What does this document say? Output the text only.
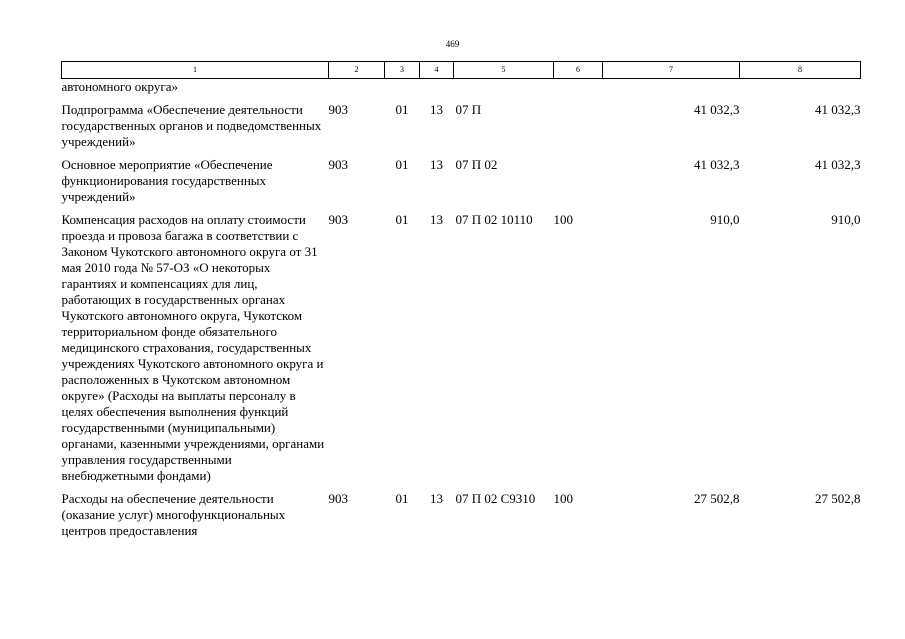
469
1	2	3	4	5	6	7	8
автономного округа»							
Подпрограмма «Обеспечение деятельности государственных органов и подведомственных учреждений»	903	01	13	07 П		41 032,3	41 032,3
Основное мероприятие «Обеспечение функционирования государственных учреждений»	903	01	13	07 П 02		41 032,3	41 032,3
Компенсация расходов на оплату стоимости проезда и провоза багажа в соответствии с Законом Чукотского автономного округа от 31 мая 2010 года № 57-ОЗ «О некоторых гарантиях и компенсациях для лиц, работающих в государственных органах Чукотского автономного округа, Чукотском территориальном фонде обязательного медицинского страхования, государственных учреждениях Чукотского автономного округа и расположенных в Чукотском автономном округе» (Расходы на выплаты персоналу в целях обеспечения выполнения функций государственными (муниципальными) органами, казенными учреждениями, органами управления государственными внебюджетными фондами)	903	01	13	07 П 02 10110	100	910,0	910,0
Расходы на обеспечение деятельности (оказание услуг) многофункциональных центров предоставления	903	01	13	07 П 02 С9310	100	27 502,8	27 502,8
